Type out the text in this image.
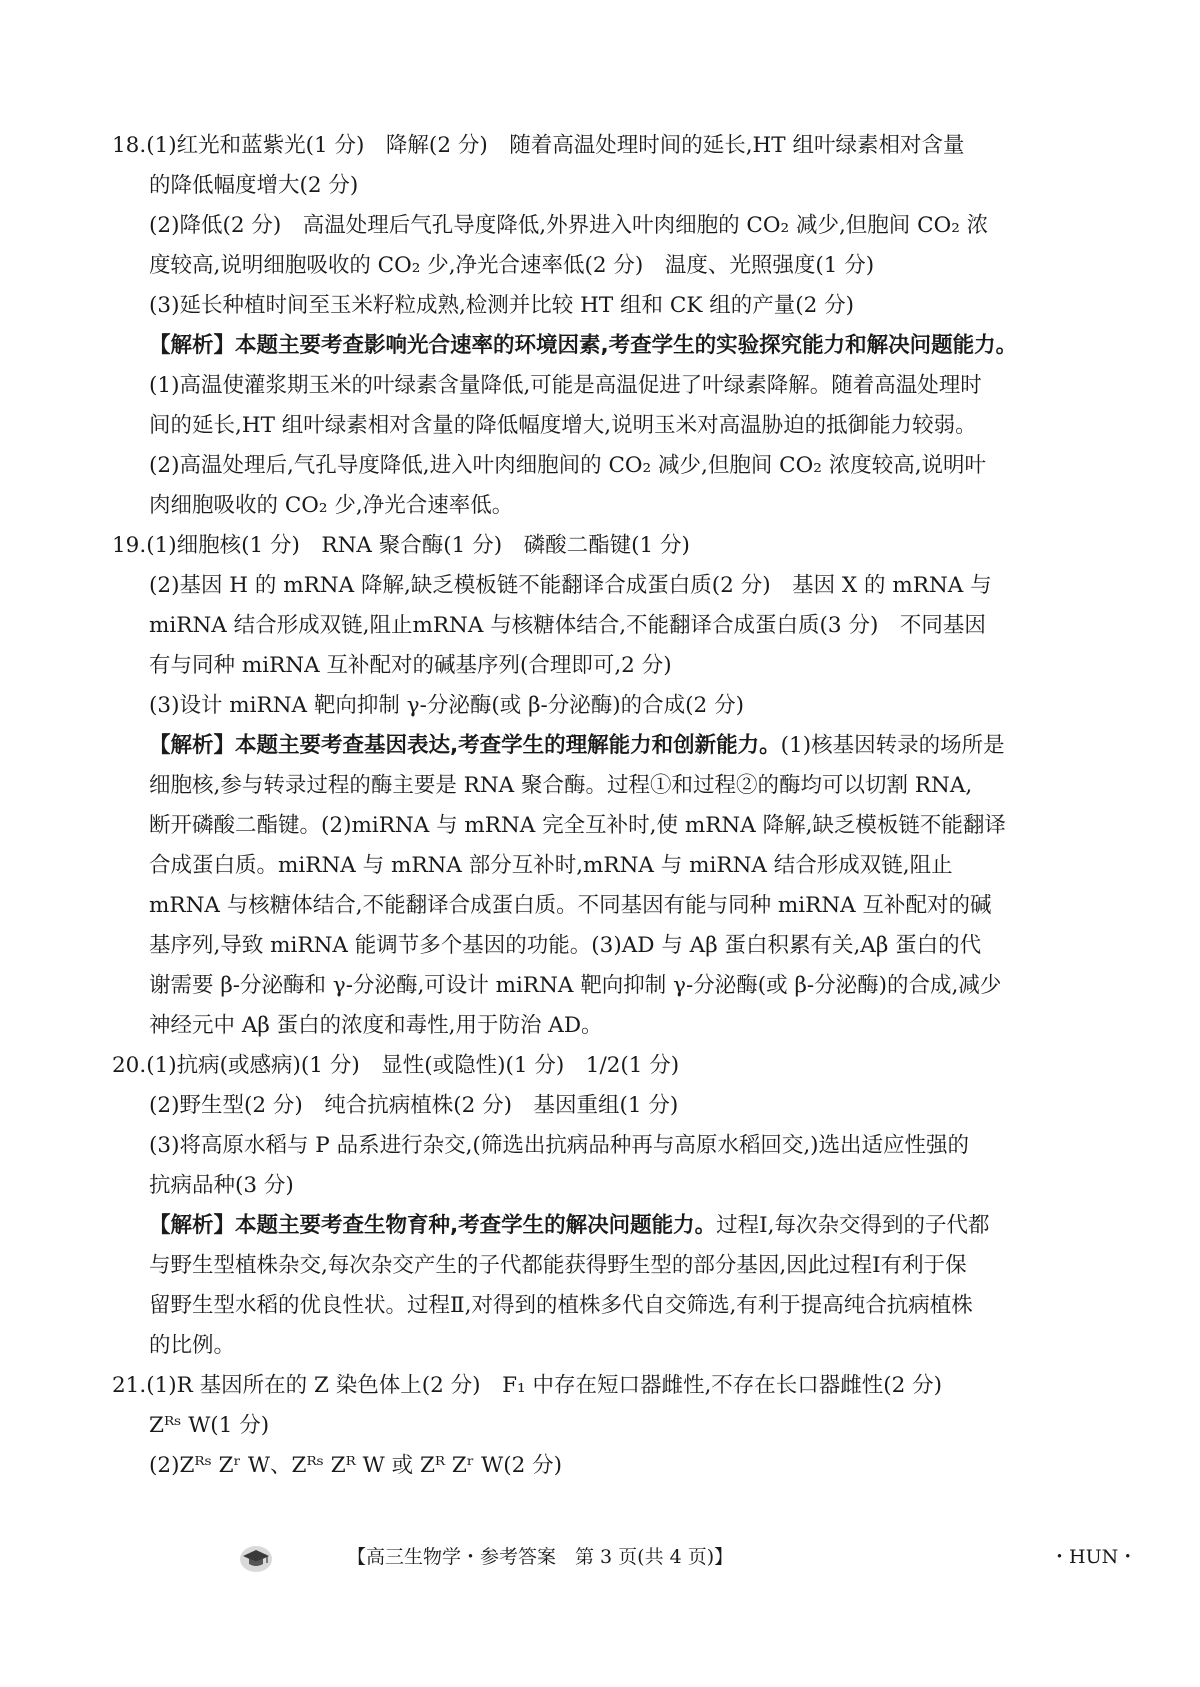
18.(1)红光和蓝紫光(1 分)　降解(2 分)　随着高温处理时间的延长,HT 组叶绿素相对含量
的降低幅度增大(2 分)
(2)降低(2 分)　高温处理后气孔导度降低,外界进入叶肉细胞的 CO₂ 减少,但胞间 CO₂ 浓
度较高,说明细胞吸收的 CO₂ 少,净光合速率低(2 分)　温度、光照强度(1 分)
(3)延长种植时间至玉米籽粒成熟,检测并比较 HT 组和 CK 组的产量(2 分)
【解析】本题主要考查影响光合速率的环境因素,考查学生的实验探究能力和解决问题能力。
(1)高温使灌浆期玉米的叶绿素含量降低,可能是高温促进了叶绿素降解。随着高温处理时
间的延长,HT 组叶绿素相对含量的降低幅度增大,说明玉米对高温胁迫的抵御能力较弱。
(2)高温处理后,气孔导度降低,进入叶肉细胞间的 CO₂ 减少,但胞间 CO₂ 浓度较高,说明叶
肉细胞吸收的 CO₂ 少,净光合速率低。
19.(1)细胞核(1 分)　RNA 聚合酶(1 分)　磷酸二酯键(1 分)
(2)基因 H 的 mRNA 降解,缺乏模板链不能翻译合成蛋白质(2 分)　基因 X 的 mRNA 与
miRNA 结合形成双链,阻止mRNA 与核糖体结合,不能翻译合成蛋白质(3 分)　不同基因
有与同种 miRNA 互补配对的碱基序列(合理即可,2 分)
(3)设计 miRNA 靶向抑制 γ-分泌酶(或 β-分泌酶)的合成(2 分)
【解析】本题主要考查基因表达,考查学生的理解能力和创新能力。(1)核基因转录的场所是
细胞核,参与转录过程的酶主要是 RNA 聚合酶。过程①和过程②的酶均可以切割 RNA,
断开磷酸二酯键。(2)miRNA 与 mRNA 完全互补时,使 mRNA 降解,缺乏模板链不能翻译
合成蛋白质。miRNA 与 mRNA 部分互补时,mRNA 与 miRNA 结合形成双链,阻止
mRNA 与核糖体结合,不能翻译合成蛋白质。不同基因有能与同种 miRNA 互补配对的碱
基序列,导致 miRNA 能调节多个基因的功能。(3)AD 与 Aβ 蛋白积累有关,Aβ 蛋白的代
谢需要 β-分泌酶和 γ-分泌酶,可设计 miRNA 靶向抑制 γ-分泌酶(或 β-分泌酶)的合成,减少
神经元中 Aβ 蛋白的浓度和毒性,用于防治 AD。
20.(1)抗病(或感病)(1 分)　显性(或隐性)(1 分)　1/2(1 分)
(2)野生型(2 分)　纯合抗病植株(2 分)　基因重组(1 分)
(3)将高原水稻与 P 品系进行杂交,(筛选出抗病品种再与高原水稻回交,)选出适应性强的
抗病品种(3 分)
【解析】本题主要考查生物育种,考查学生的解决问题能力。过程Ⅰ,每次杂交得到的子代都
与野生型植株杂交,每次杂交产生的子代都能获得野生型的部分基因,因此过程Ⅰ有利于保
留野生型水稻的优良性状。过程Ⅱ,对得到的植株多代自交筛选,有利于提高纯合抗病植株
的比例。
21.(1)R 基因所在的 Z 染色体上(2 分)　F₁ 中存在短口器雌性,不存在长口器雌性(2 分)
Zᴿˢ W(1 分)
(2)Zᴿˢ Zʳ W、Zᴿˢ Zᴿ W 或 Zᴿ Zʳ W(2 分)
【高三生物学・参考答案　第 3 页(共 4 页)】	・HUN・
